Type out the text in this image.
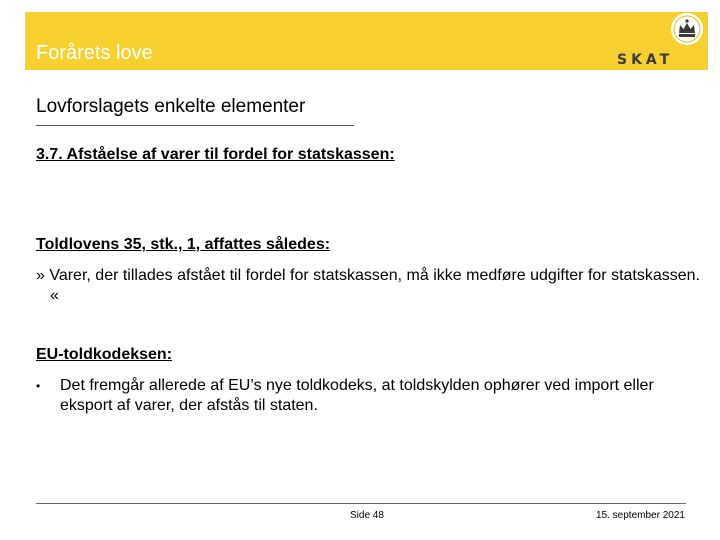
Forårets love	SKAT
Lovforslagets enkelte elementer
3.7. Afståelse af varer til fordel for statskassen:
Toldlovens 35, stk., 1, affattes således:
» Varer, der tillades afstået til fordel for statskassen, må ikke medføre udgifter for statskassen. «
EU-toldkodeksen:
• Det fremgår allerede af EU’s nye toldkodeks, at toldskylden ophører ved import eller eksport af varer, der afstås til staten.
Side 48	15. september 2021
